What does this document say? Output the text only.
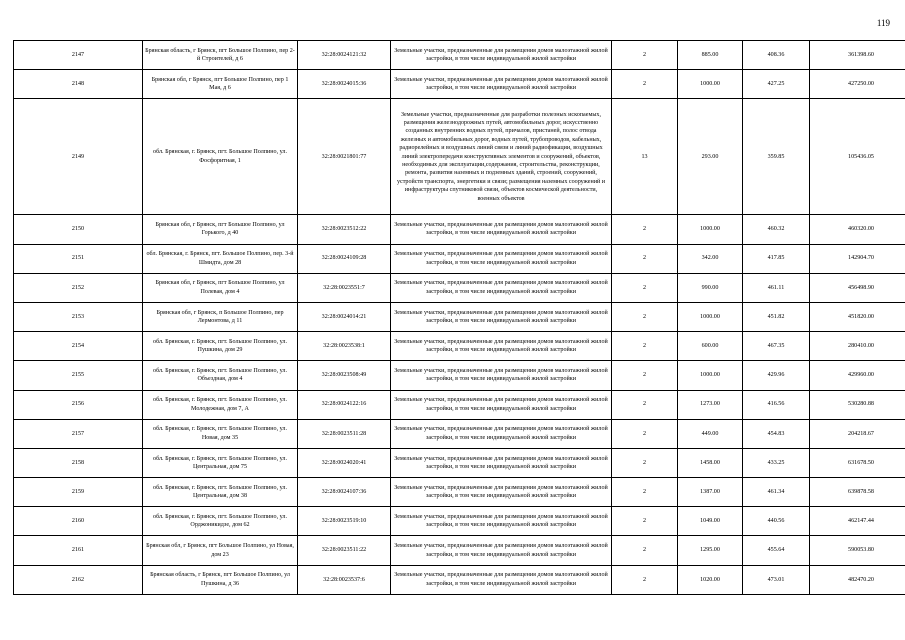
119
2147	Брянская область, г Брянск, пгт Большое Полпино, пер 2-й Строителей, д 6	32:28:0024121:32	Земельные участки, предназначенные для размещения домов малоэтажной жилой застройки, в том числе индивидуальной жилой застройки	2	885.00	408.36	361398.60
2148	Брянская обл, г Брянск, пгт Большое Полпино, пер 1 Мая, д 6	32:28:0024015:36	Земельные участки, предназначенные для размещения домов малоэтажной жилой застройки, в том числе индивидуальной жилой застройки	2	1000.00	427.25	427250.00
2149	обл. Брянская, г. Брянск, пгт. Большое Полпино, ул. Фосфоритная, 1	32:28:0021801:77	Земельные участки, предназначенные для разработки полезных ископаемых, размещения железнодорожных путей, автомобильных дорог, искусственно созданных внутренних водных путей, причалов, пристаней, полос отвода железных и автомобильных дорог, водных путей, трубопроводов, кабельных, радиорелейных и воздушных линий связи и линий радиофикации, воздушных линий электропередачи конструктивных элементов и сооружений, объектов, необходимых для эксплуатации,содержания, строительства, реконструкции, ремонта, развития наземных и подземных зданий, строений, сооружений, устройств транспорта, энергетики и связи; размещения наземных сооружений и инфраструктуры спутниковой связи, объектов космической деятельности, военных объектов	13	293.00	359.85	105436.05
2150	Брянская обл, г Брянск, пгт Большое Полпино, ул Горького, д 40	32:28:0023512:22	Земельные участки, предназначенные для размещения домов малоэтажной жилой застройки, в том числе индивидуальной жилой застройки	2	1000.00	460.32	460320.00
2151	обл. Брянская, г. Брянск, пгт. Большое Полпино, пер. 3-й Шмидта, дом 28	32:28:0024109:28	Земельные участки, предназначенные для размещения домов малоэтажной жилой застройки, в том числе индивидуальной жилой застройки	2	342.00	417.85	142904.70
2152	Брянская обл, г Брянск, пгт Большое Полпино, ул Полевая, дом 4	32:28:0023551:7	Земельные участки, предназначенные для размещения домов малоэтажной жилой застройки, в том числе индивидуальной жилой застройки	2	990.00	461.11	456498.90
2153	Брянская обл, г Брянск, п Большое Полпино, пер Лермонтова, д 11	32:28:0024014:21	Земельные участки, предназначенные для размещения домов малоэтажной жилой застройки, в том числе индивидуальной жилой застройки	2	1000.00	451.82	451820.00
2154	обл. Брянская, г. Брянск, пгт. Большое Полпино, ул. Пушкина, дом 29	32:28:0023538:1	Земельные участки, предназначенные для размещения домов малоэтажной жилой застройки, в том числе индивидуальной жилой застройки	2	600.00	467.35	280410.00
2155	обл. Брянская, г. Брянск, пгт. Большое Полпино, ул. Объездная, дом 4	32:28:0023508:49	Земельные участки, предназначенные для размещения домов малоэтажной жилой застройки, в том числе индивидуальной жилой застройки	2	1000.00	429.96	429960.00
2156	обл. Брянская, г. Брянск, пгт. Большое Полпино, ул. Молодежная, дом 7, А	32:28:0024122:16	Земельные участки, предназначенные для размещения домов малоэтажной жилой застройки, в том числе индивидуальной жилой застройки	2	1273.00	416.56	530280.88
2157	обл. Брянская, г. Брянск, пгт. Большое Полпино, ул. Новая, дом 35	32:28:0023511:28	Земельные участки, предназначенные для размещения домов малоэтажной жилой застройки, в том числе индивидуальной жилой застройки	2	449.00	454.83	204218.67
2158	обл. Брянская, г. Брянск, пгт. Большое Полпино, ул. Центральная, дом 75	32:28:0024020:41	Земельные участки, предназначенные для размещения домов малоэтажной жилой застройки, в том числе индивидуальной жилой застройки	2	1458.00	433.25	631678.50
2159	обл. Брянская, г. Брянск, пгт. Большое Полпино, ул. Центральная, дом 38	32:28:0024107:36	Земельные участки, предназначенные для размещения домов малоэтажной жилой застройки, в том числе индивидуальной жилой застройки	2	1387.00	461.34	639878.58
2160	обл. Брянская, г. Брянск, пгт. Большое Полпино, ул. Орджоникидзе, дом 62	32:28:0023519:10	Земельные участки, предназначенные для размещения домов малоэтажной жилой застройки, в том числе индивидуальной жилой застройки	2	1049.00	440.56	462147.44
2161	Брянская обл, г Брянск, пгт Большое Полпино, ул Новая, дом 23	32:28:0023511:22	Земельные участки, предназначенные для размещения домов малоэтажной жилой застройки, в том числе индивидуальной жилой застройки	2	1295.00	455.64	590053.80
2162	Брянская область, г Брянск, пгт Большое Полпино, ул Пушкина, д 36	32:28:0023537:6	Земельные участки, предназначенные для размещения домов малоэтажной жилой застройки, в том числе индивидуальной жилой застройки	2	1020.00	473.01	482470.20
